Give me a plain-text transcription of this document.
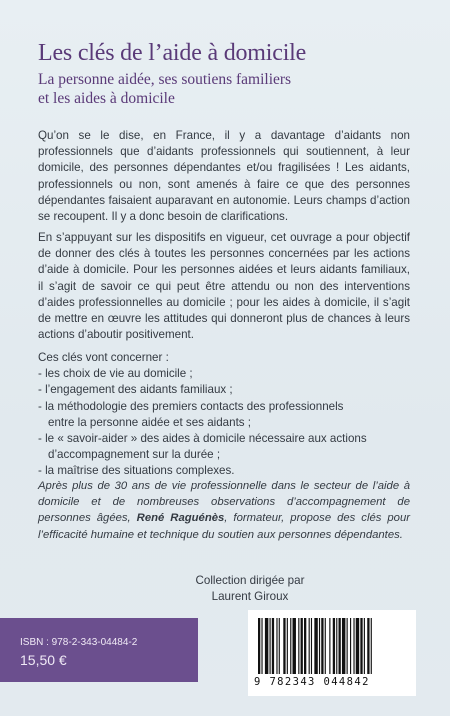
Les clés de l’aide à domicile
La personne aidée, ses soutiens familiers
et les aides à domicile
Qu’on se le dise, en France, il y a davantage d’aidants non professionnels que d’aidants professionnels qui soutiennent, à leur domicile, des personnes dépendantes et/ou fragilisées ! Les aidants, professionnels ou non, sont amenés à faire ce que des personnes dépendantes faisaient auparavant en autonomie. Leurs champs d’action se recoupent. Il y a donc besoin de clarifications.
En s’appuyant sur les dispositifs en vigueur, cet ouvrage a pour objectif de donner des clés à toutes les personnes concernées par les actions d’aide à domicile. Pour les personnes aidées et leurs aidants familiaux, il s’agit de savoir ce qui peut être attendu ou non des interventions d’aides professionnelles au domicile ; pour les aides à domicile, il s’agit de mettre en œuvre les attitudes qui donneront plus de chances à leurs actions d’aboutir positivement.
Ces clés vont concerner :
- les choix de vie au domicile ;
- l’engagement des aidants familiaux ;
- la méthodologie des premiers contacts des professionnels
entre la personne aidée et ses aidants ;
- le « savoir-aider » des aides à domicile nécessaire aux actions
d’accompagnement sur la durée ;
- la maîtrise des situations complexes.
Après plus de 30 ans de vie professionnelle dans le secteur de l’aide à domicile et de nombreuses observations d’accompagnement de personnes âgées, René Raguénès, formateur, propose des clés pour l’efficacité humaine et technique du soutien aux personnes dépendantes.
Collection dirigée par
Laurent Giroux
ISBN : 978-2-343-04484-2
15,50 €
9 782343 044842
